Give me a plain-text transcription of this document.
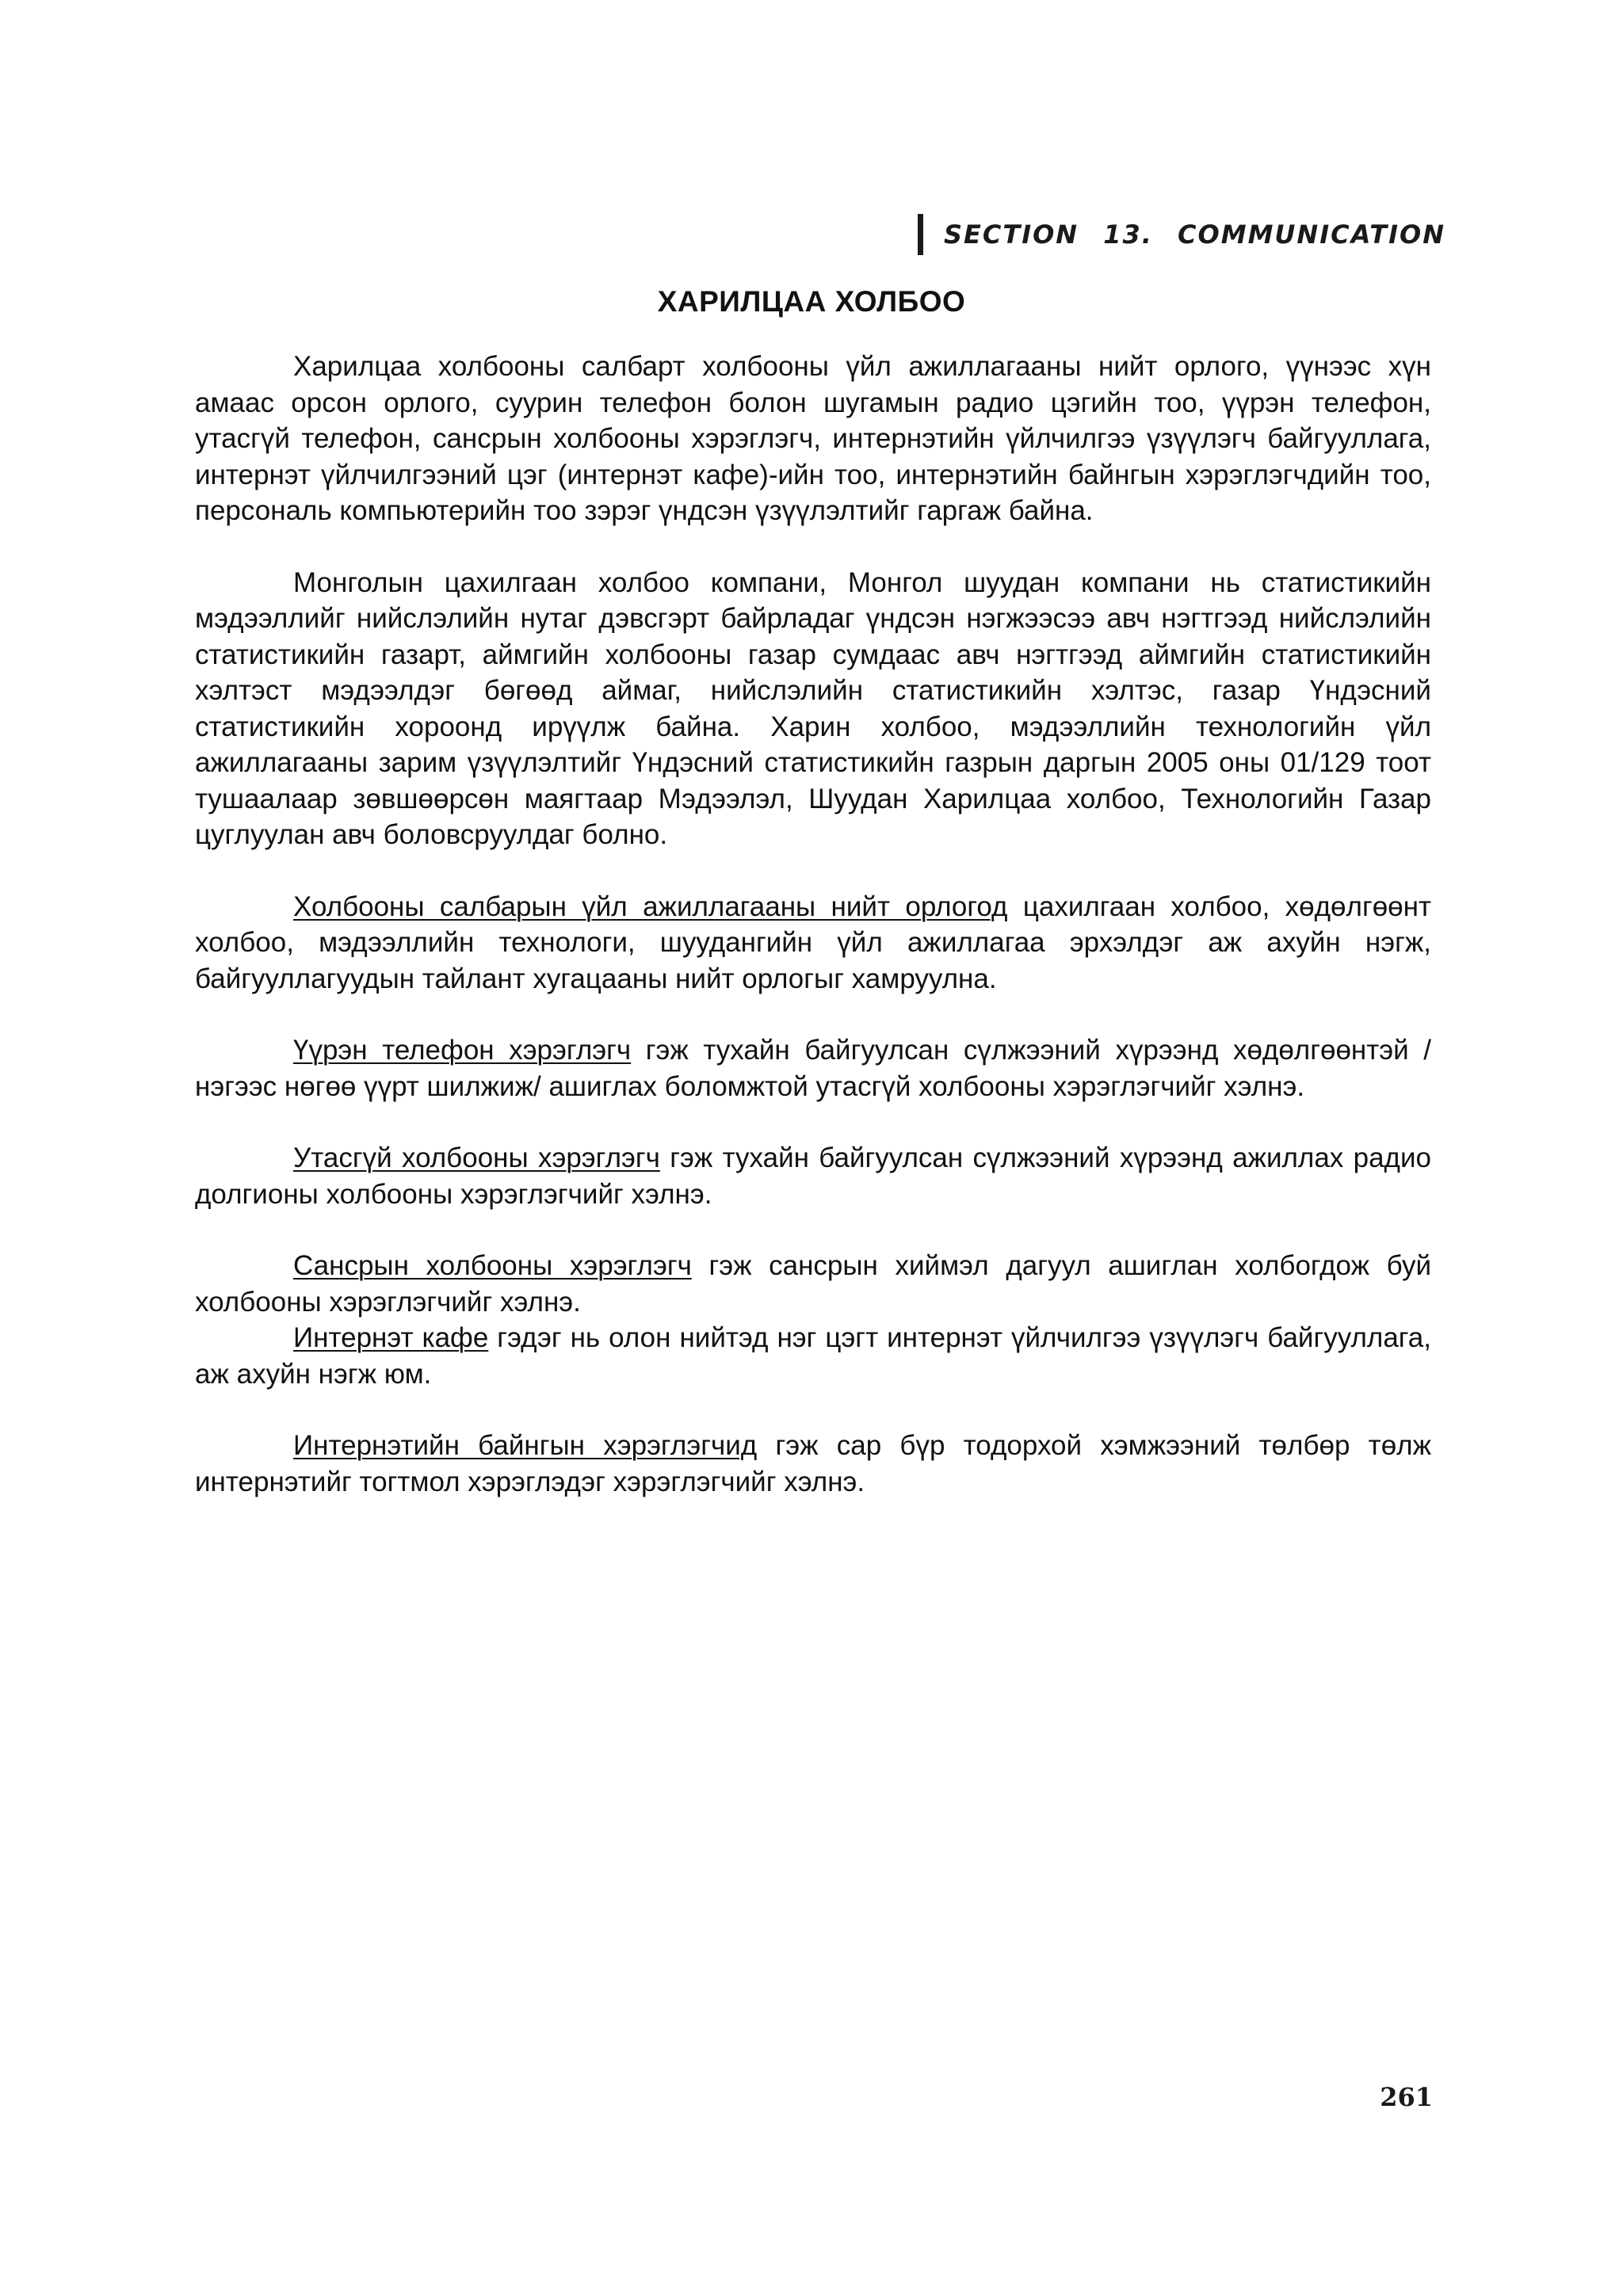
SECTION 13. COMMUNICATION
ХАРИЛЦАА ХОЛБОО

Харилцаа холбооны салбарт холбооны үйл ажиллагааны нийт орлого, үүнээс хүн амаас орсон орлого, суурин телефон болон шугамын радио цэгийн тоо, үүрэн телефон, утасгүй телефон, сансрын холбооны хэрэглэгч, интернэтийн үйлчилгээ үзүүлэгч байгууллага, интернэт үйлчилгээний цэг (интернэт кафе)-ийн тоо, интернэтийн байнгын хэрэглэгчдийн тоо, персональ компьютерийн тоо зэрэг үндсэн үзүүлэлтийг гаргаж байна.

Монголын цахилгаан холбоо компани, Монгол шуудан компани нь статистикийн мэдээллийг нийслэлийн нутаг дэвсгэрт байрладаг үндсэн нэгжээсээ авч нэгтгээд нийслэлийн статистикийн газарт, аймгийн холбооны газар сумдаас авч нэгтгээд аймгийн статистикийн хэлтэст мэдээлдэг бөгөөд аймаг, нийслэлийн статистикийн хэлтэс, газар Үндэсний статистикийн хороонд ирүүлж байна. Харин холбоо, мэдээллийн технологийн үйл ажиллагааны зарим үзүүлэлтийг Үндэсний статистикийн газрын даргын 2005 оны 01/129 тоот тушаалаар зөвшөөрсөн маягтаар Мэдээлэл, Шуудан Харилцаа холбоо, Технологийн Газар цуглуулан авч боловсруулдаг болно.

Холбооны салбарын үйл ажиллагааны нийт орлогод цахилгаан холбоо, хөдөлгөөнт холбоо, мэдээллийн технологи, шуудангийн үйл ажиллагаа эрхэлдэг аж ахуйн нэгж, байгууллагуудын тайлант хугацааны нийт орлогыг хамруулна.

Үүрэн телефон хэрэглэгч гэж тухайн байгуулсан сүлжээний хүрээнд хөдөлгөөнтэй /нэгээс нөгөө үүрт шилжиж/ ашиглах боломжтой утасгүй холбооны хэрэглэгчийг хэлнэ.

Утасгүй холбооны хэрэглэгч гэж тухайн байгуулсан сүлжээний хүрээнд ажиллах радио долгионы холбооны хэрэглэгчийг хэлнэ.

Сансрын холбооны хэрэглэгч гэж сансрын хиймэл дагуул ашиглан холбогдож буй холбооны хэрэглэгчийг хэлнэ.

Интернэт кафе гэдэг нь олон нийтэд нэг цэгт интернэт үйлчилгээ үзүүлэгч байгууллага, аж ахуйн нэгж юм.

Интернэтийн байнгын хэрэглэгчид гэж сар бүр тодорхой хэмжээний төлбөр төлж интернэтийг тогтмол хэрэглэдэг хэрэглэгчийг хэлнэ.

261
